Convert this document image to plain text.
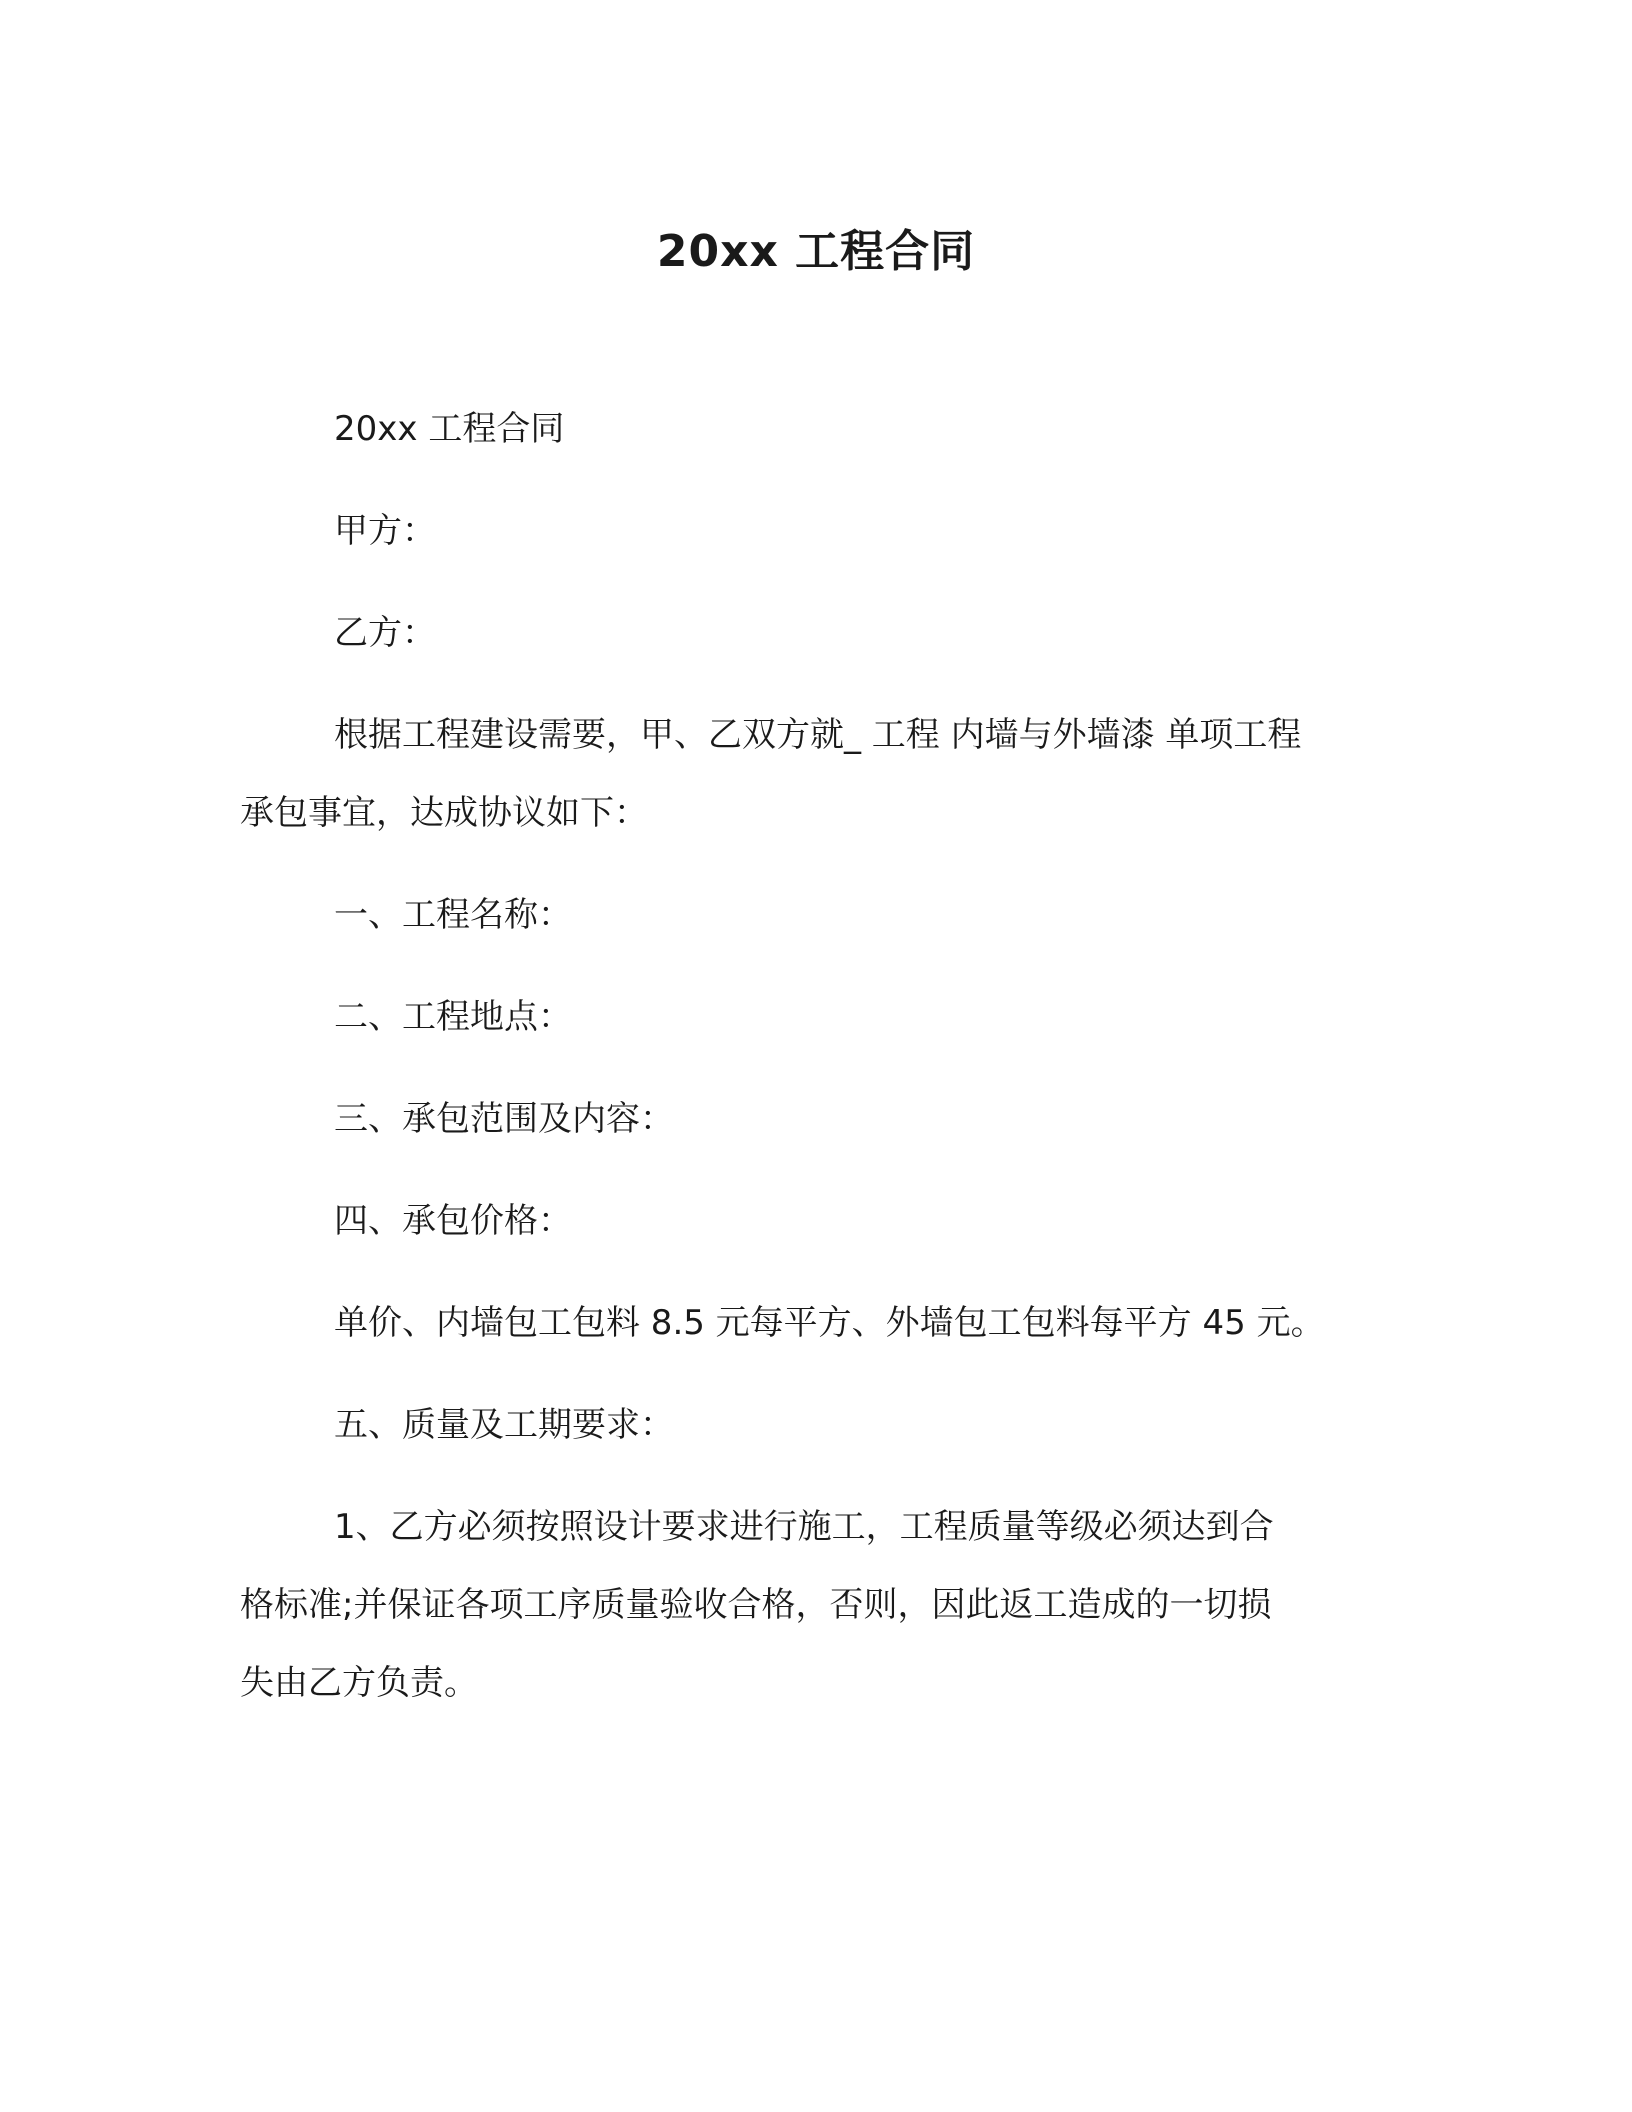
20xx 工程合同
20xx 工程合同
甲方：
乙方：
根据工程建设需要，甲、乙双方就_ 工程 内墙与外墙漆 单项工程
承包事宜，达成协议如下：
一、工程名称：
二、工程地点：
三、承包范围及内容：
四、承包价格：
单价、内墙包工包料 8.5 元每平方、外墙包工包料每平方 45 元。
五、质量及工期要求：
1、乙方必须按照设计要求进行施工，工程质量等级必须达到合
格标准;并保证各项工序质量验收合格，否则，因此返工造成的一切损
失由乙方负责。
